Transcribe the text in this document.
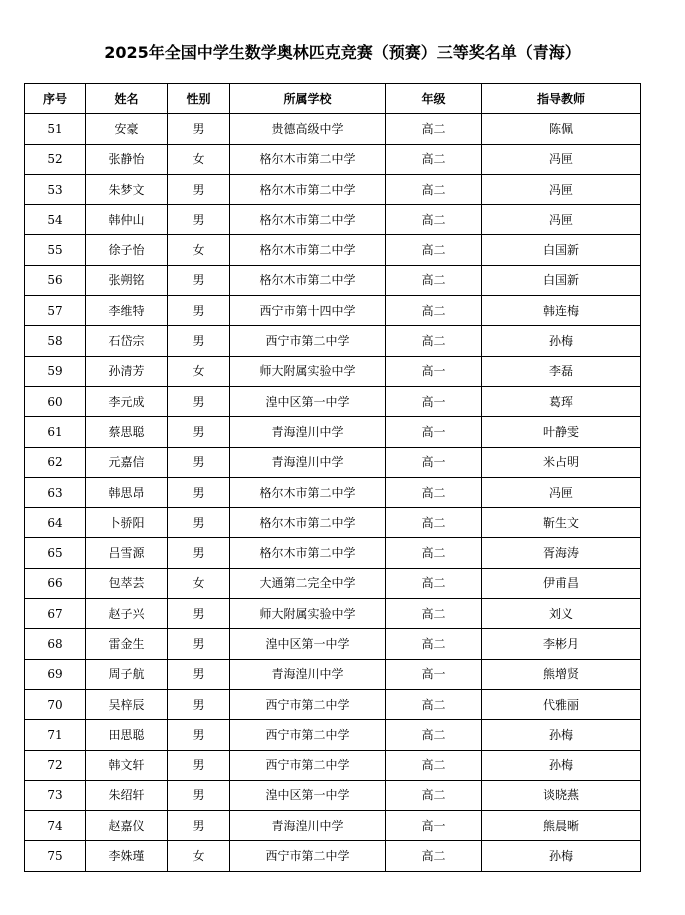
2025年全国中学生数学奥林匹克竞赛（预赛）三等奖名单（青海）
序号	姓名	性别	所属学校	年级	指导教师
51	安豪	男	贵德高级中学	高二	陈佩
52	张静怡	女	格尔木市第二中学	高二	冯匣
53	朱梦文	男	格尔木市第二中学	高二	冯匣
54	韩仲山	男	格尔木市第二中学	高二	冯匣
55	徐子怡	女	格尔木市第二中学	高二	白国新
56	张朔铭	男	格尔木市第二中学	高二	白国新
57	李维特	男	西宁市第十四中学	高二	韩连梅
58	石岱宗	男	西宁市第二中学	高二	孙梅
59	孙清芳	女	师大附属实验中学	高一	李磊
60	李元成	男	湟中区第一中学	高一	葛珲
61	蔡思聪	男	青海湟川中学	高一	叶静雯
62	元嘉信	男	青海湟川中学	高一	米占明
63	韩思昂	男	格尔木市第二中学	高二	冯匣
64	卜骄阳	男	格尔木市第二中学	高二	靳生文
65	吕雪源	男	格尔木市第二中学	高二	胥海涛
66	包萃芸	女	大通第二完全中学	高二	伊甫昌
67	赵子兴	男	师大附属实验中学	高二	刘义
68	雷金生	男	湟中区第一中学	高二	李彬月
69	周子航	男	青海湟川中学	高一	熊增贤
70	吴梓辰	男	西宁市第二中学	高二	代雅丽
71	田思聪	男	西宁市第二中学	高二	孙梅
72	韩文轩	男	西宁市第二中学	高二	孙梅
73	朱绍轩	男	湟中区第一中学	高二	谈晓燕
74	赵嘉仪	男	青海湟川中学	高一	熊晨晰
75	李姝瑾	女	西宁市第二中学	高二	孙梅
